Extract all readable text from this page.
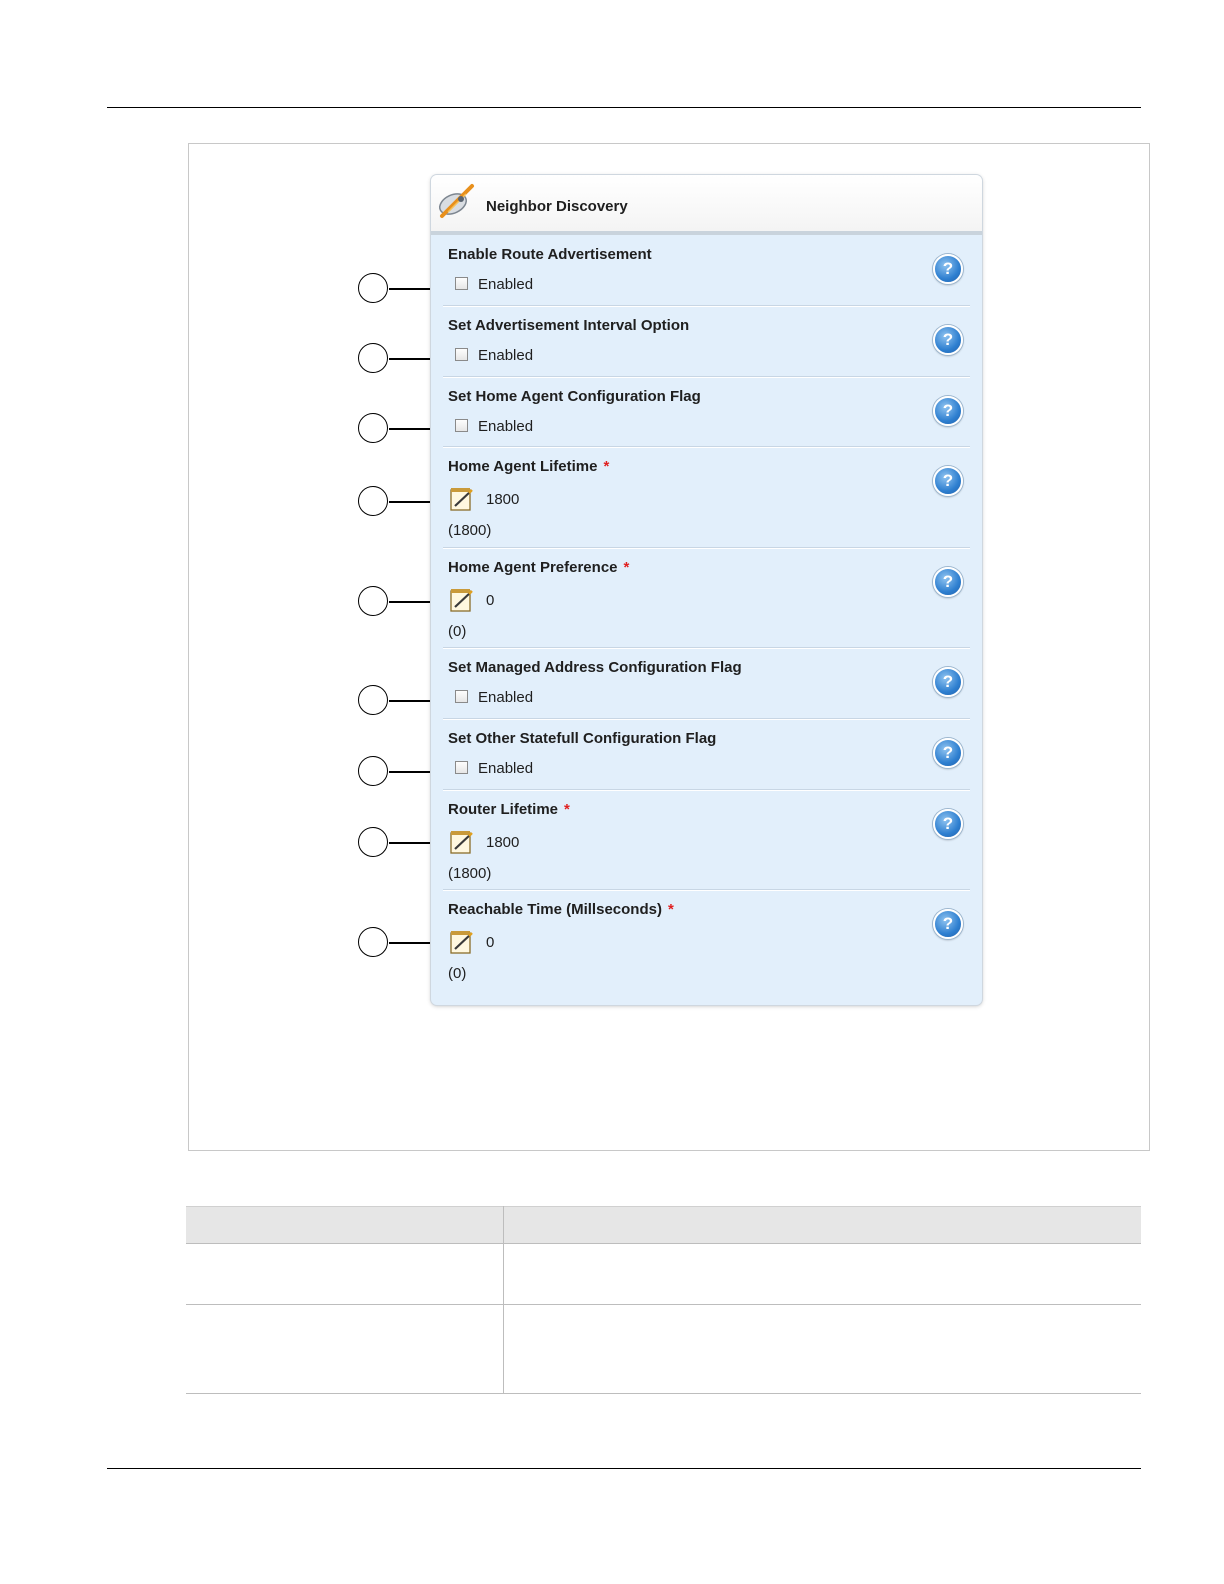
Neighbor Discovery
Enable Route Advertisement
Enabled
?
Set Advertisement Interval Option
Enabled
?
Set Home Agent Configuration Flag
Enabled
?
Home Agent Lifetime *
1800
(1800)
?
Home Agent Preference *
0
(0)
?
Set Managed Address Configuration Flag
Enabled
?
Set Other Statefull Configuration Flag
Enabled
?
Router Lifetime *
1800
(1800)
?
Reachable Time (Millseconds) *
0
(0)
?
